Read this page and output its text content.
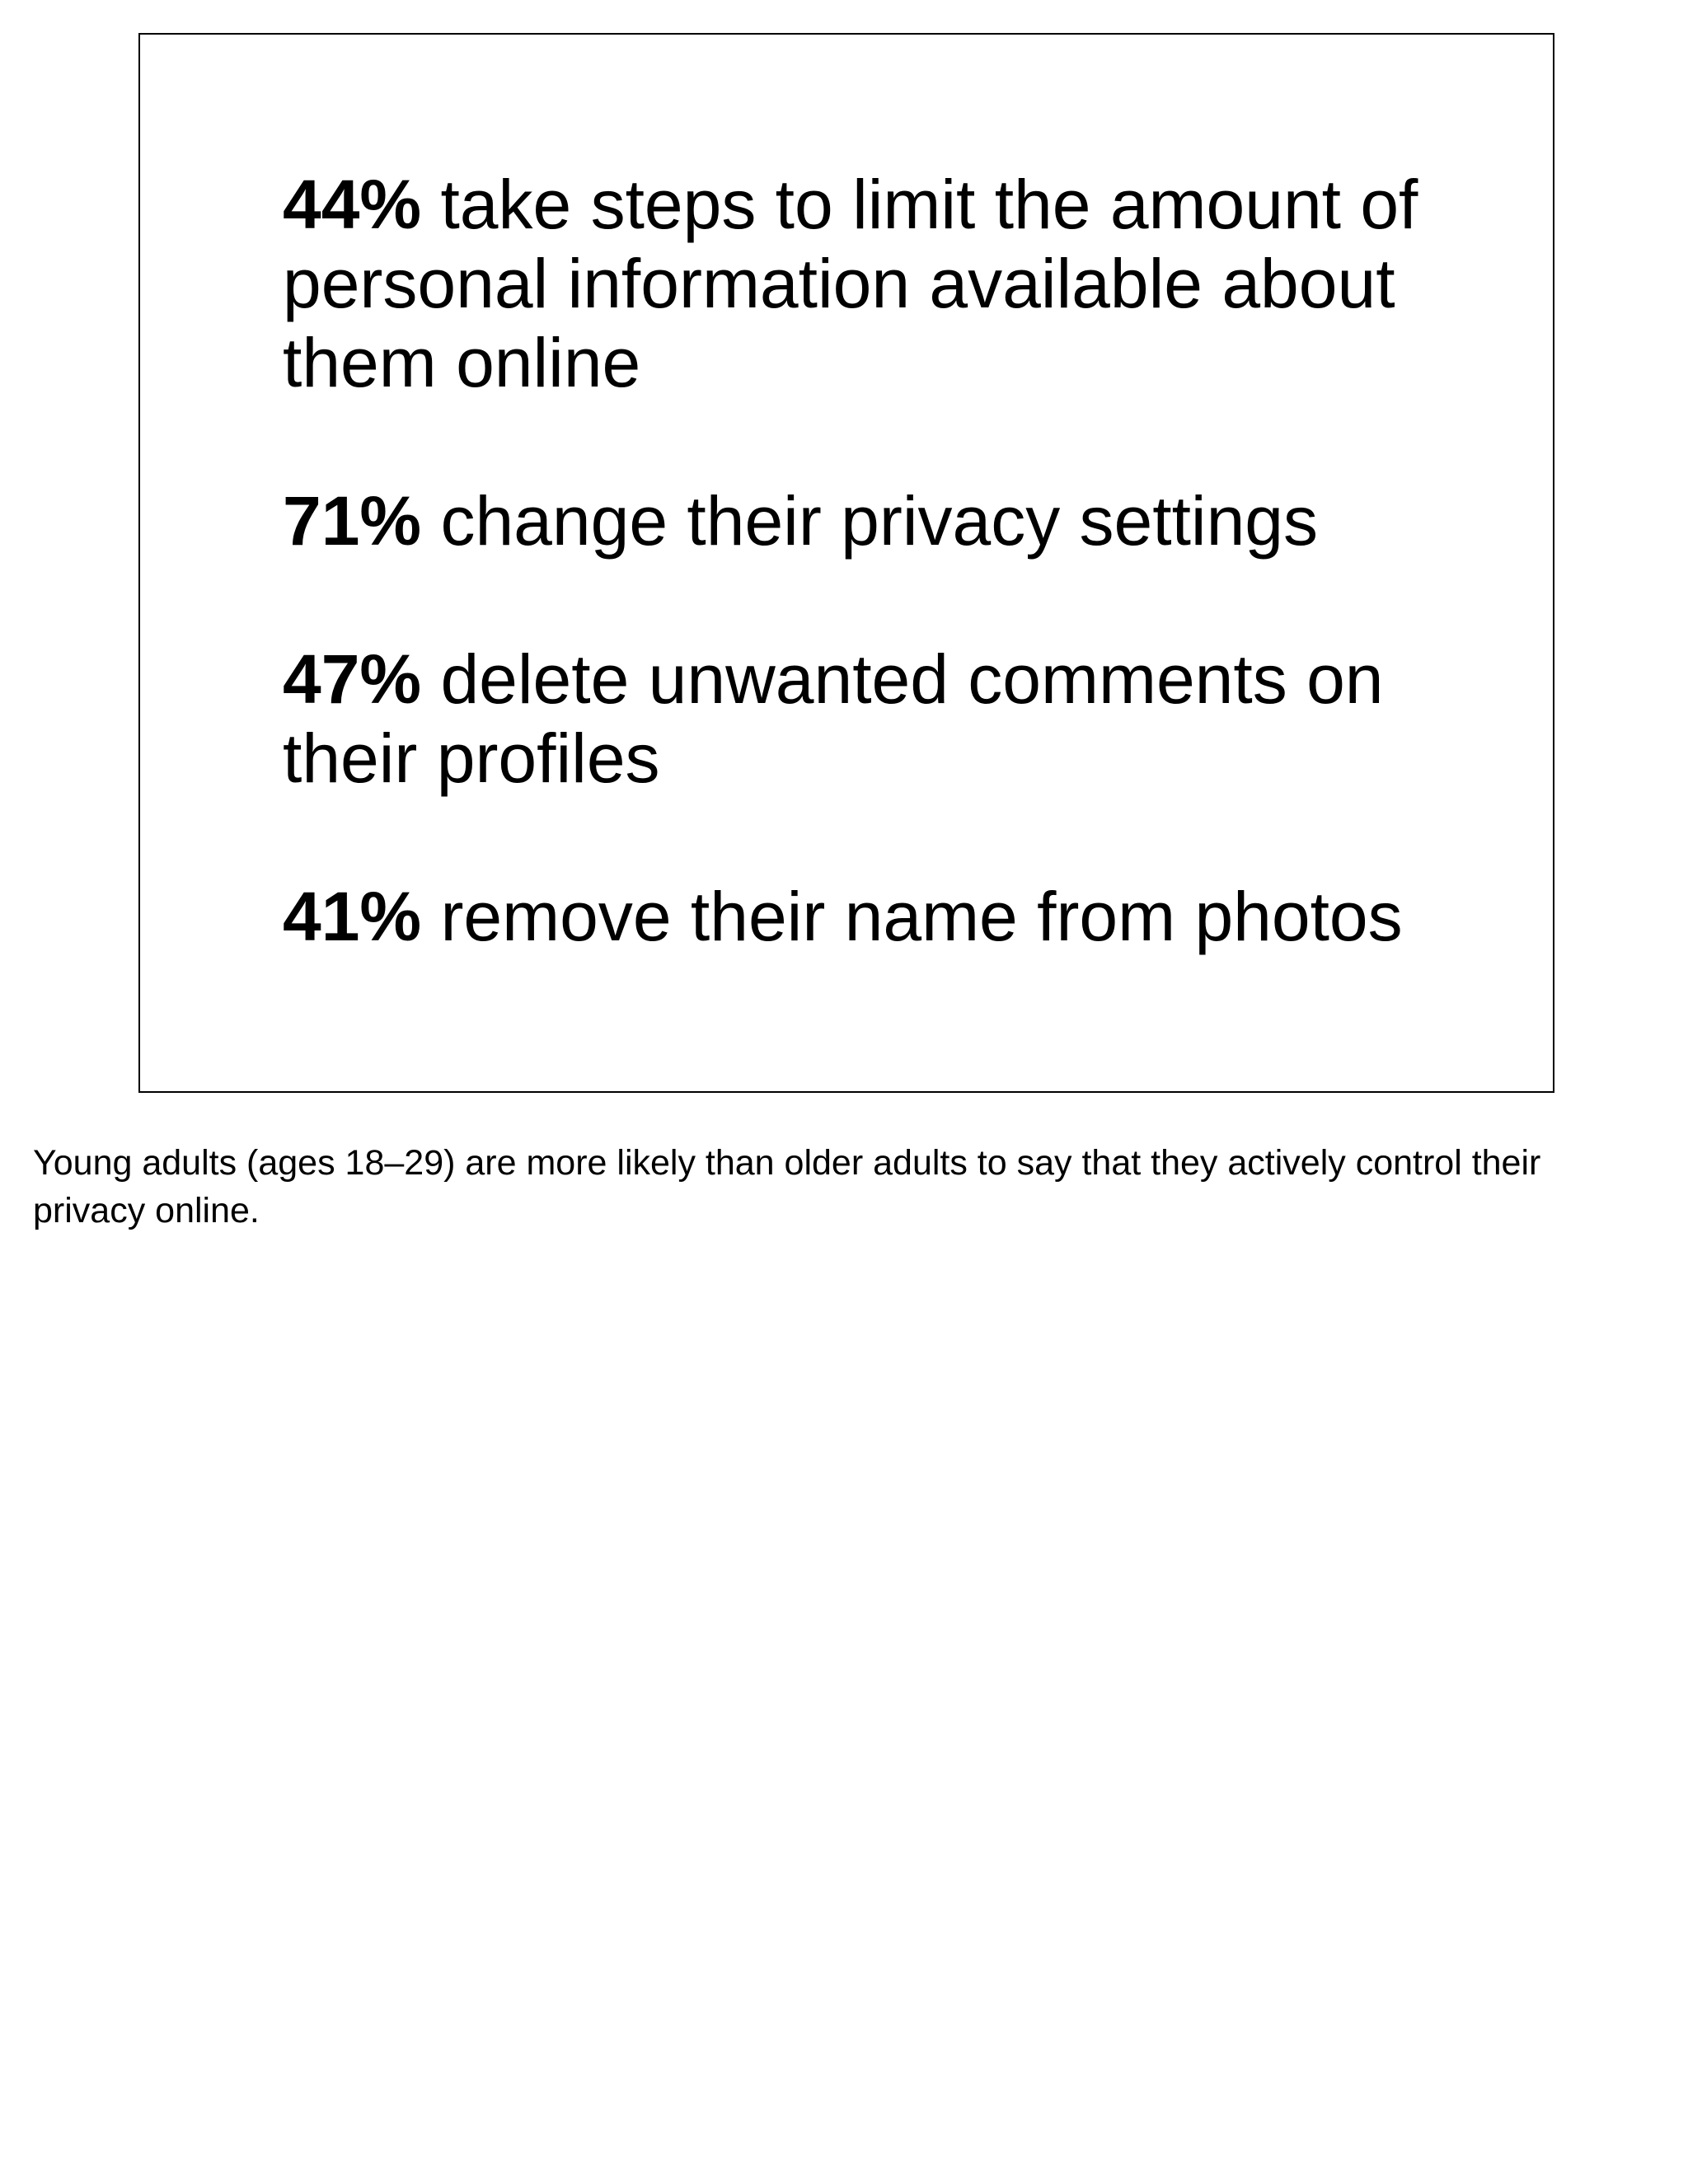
44% take steps to limit the amount of personal information available about them online
71% change their privacy settings
47% delete unwanted comments on their profiles
41% remove their name from photos

Young adults (ages 18–29) are more likely than older adults to say that they actively control their privacy online.
